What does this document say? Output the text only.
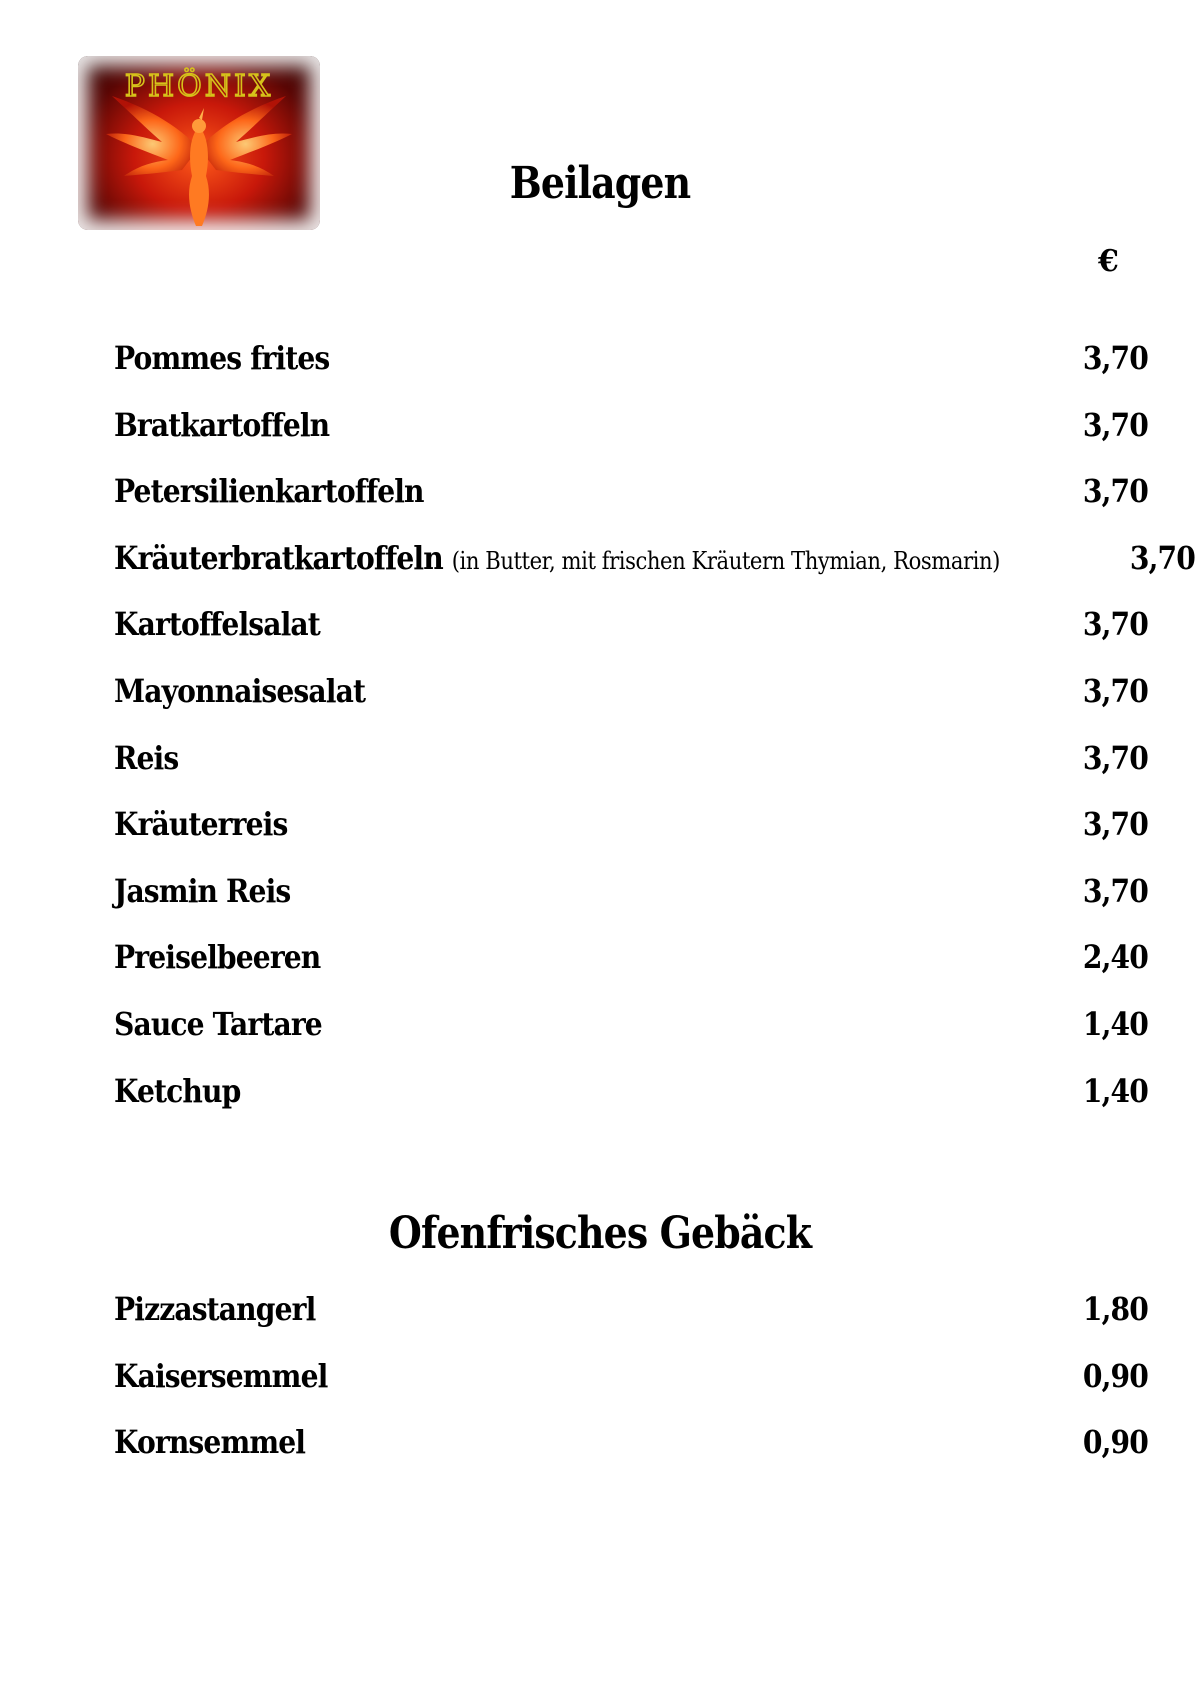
PHÖNIX
Beilagen
€
Pommes frites	3,70
Bratkartoffeln	3,70
Petersilienkartoffeln	3,70
Kräuterbratkartoffeln (in Butter, mit frischen Kräutern Thymian, Rosmarin)	3,70
Kartoffelsalat	3,70
Mayonnaisesalat	3,70
Reis	3,70
Kräuterreis	3,70
Jasmin Reis	3,70
Preiselbeeren	2,40
Sauce Tartare	1,40
Ketchup	1,40
Ofenfrisches Gebäck
Pizzastangerl	1,80
Kaisersemmel	0,90
Kornsemmel	0,90
